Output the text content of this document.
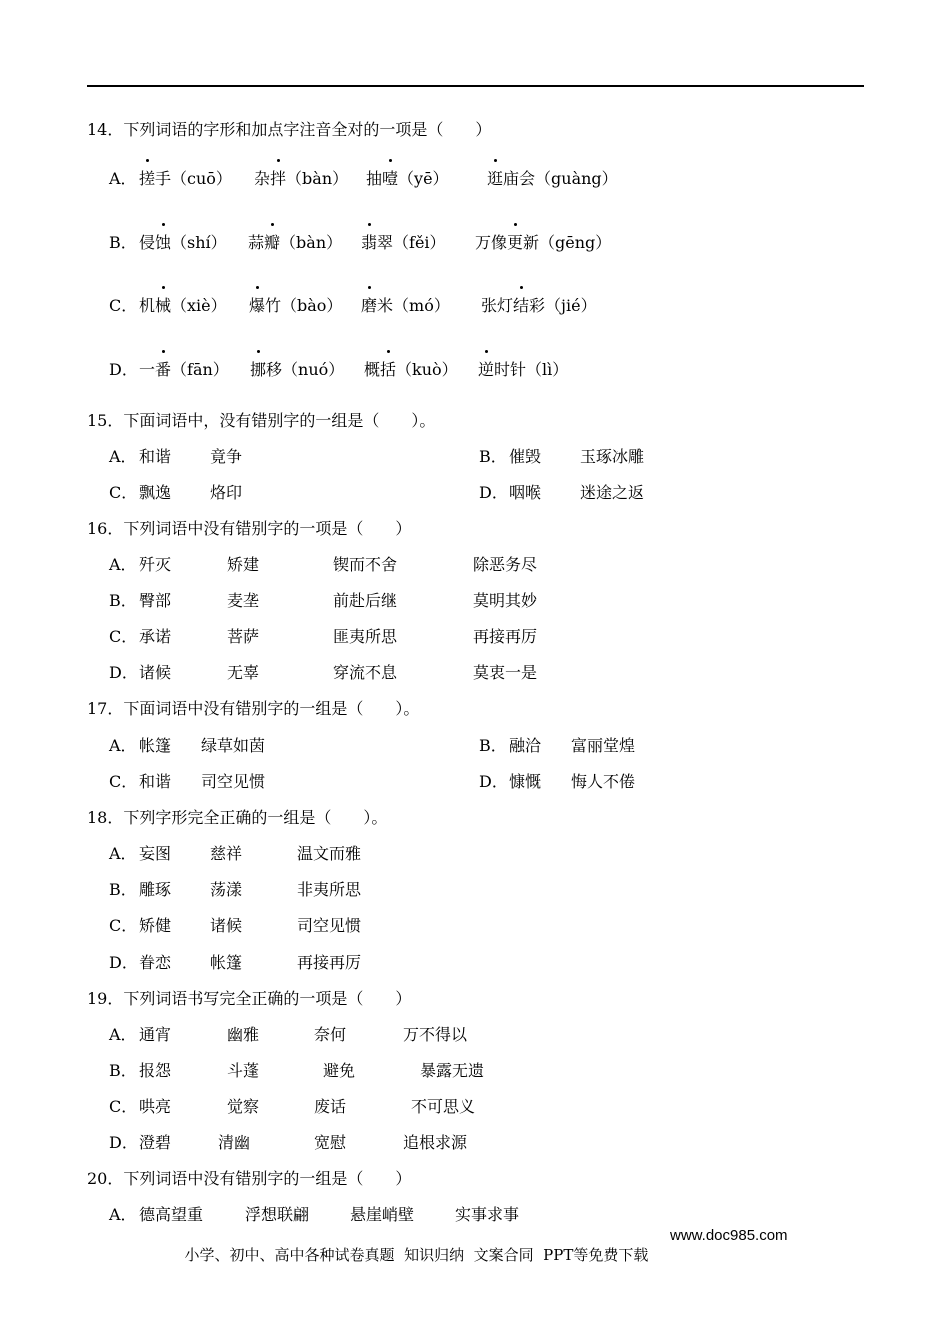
14．下列词语的字形和加点字注音全对的一项是（　　）
A． 搓手（cuō） 杂拌（bàn） 抽噎（yē） 逛庙会（guàng）
B． 侵蚀（shí） 蒜瓣（bàn） 翡翠（fěi） 万像更新（gēng）
C． 机械（xiè） 爆竹（bào） 磨米（mó） 张灯结彩（jié）
D． 一番（fān） 挪移（nuó） 概括（kuò） 逆时针（lì）
15．下面词语中，没有错别字的一组是（　　）。
A． 和谐 竟争	B． 催毁 玉琢冰雕
C． 飘逸 烙印	D． 咽喉 迷途之返
16．下列词语中没有错别字的一项是（　　）
A． 歼灭	矫建	锲而不舍	除恶务尽
B． 臀部	麦垄	前赴后继	莫明其妙
C． 承诺	菩萨	匪夷所思	再接再厉
D． 诸候	无辜	穿流不息	莫衷一是
17．下面词语中没有错别字的一组是（　　）。
A． 帐篷 绿草如茵	B． 融洽 富丽堂煌
C． 和谐 司空见惯	D． 慷慨 悔人不倦
18．下列字形完全正确的一组是（　　）。
A． 妄图 慈祥	温文而雅
B． 雕琢 荡漾	非夷所思
C． 矫健 诸候	司空见惯
D． 眷恋 帐篷	再接再厉
19．下列词语书写完全正确的一项是（　　）
A． 通宵	幽雅	奈何	万不得以
B． 报怨	斗蓬	避免	暴露无遗
C． 哄亮	觉察	废话	不可思义
D． 澄碧	清幽	宽慰	追根求源
20．下列词语中没有错别字的一组是（　　）
A． 德高望重	浮想联翩	悬崖峭壁	实事求事

小学、初中、高中各种试卷真题  知识归纳  文案合同  PPT等免费下载

www.doc985.com
